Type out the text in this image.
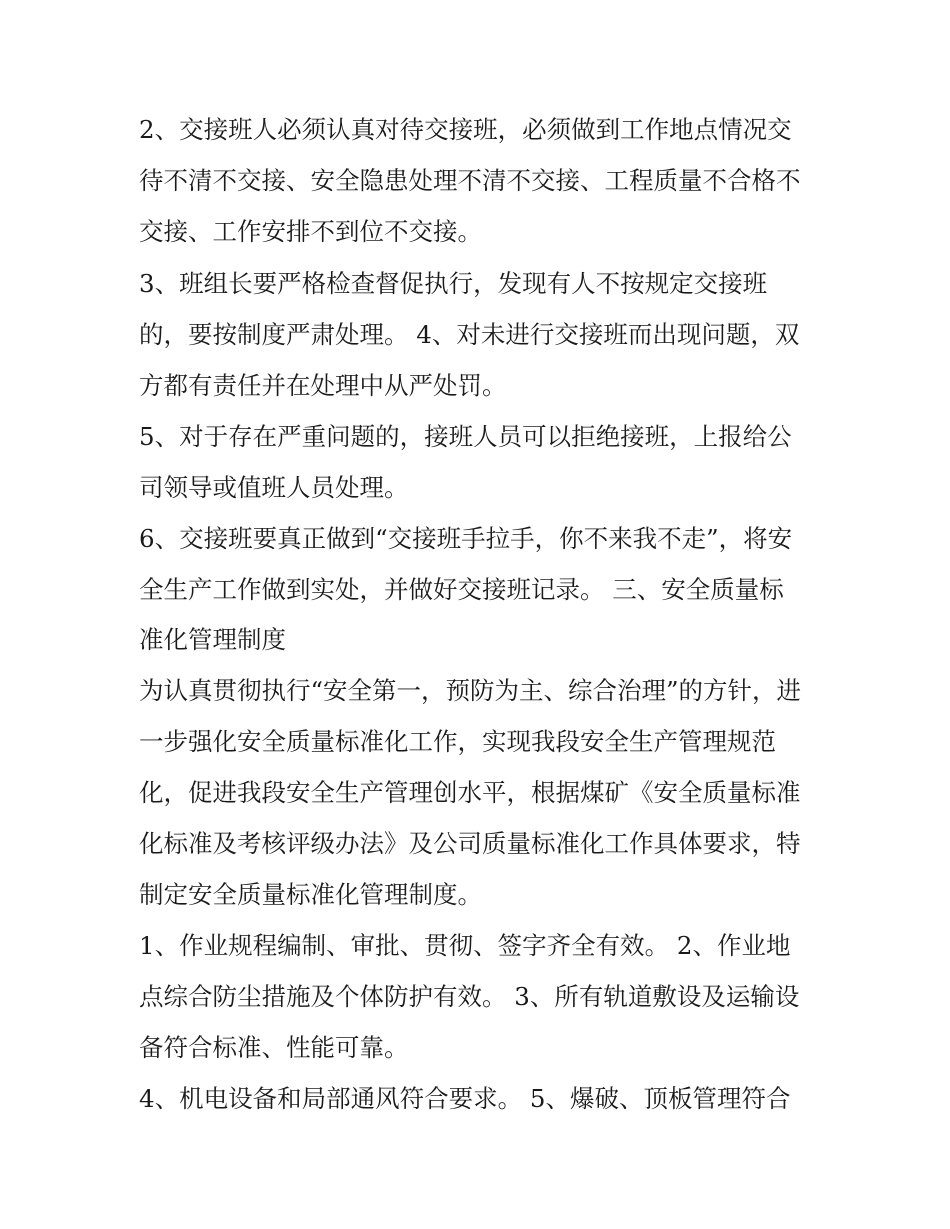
2、交接班人必须认真对待交接班，必须做到工作地点情况交
待不清不交接、安全隐患处理不清不交接、工程质量不合格不
交接、工作安排不到位不交接。
3、班组长要严格检查督促执行，发现有人不按规定交接班
的，要按制度严肃处理。 4、对未进行交接班而出现问题，双
方都有责任并在处理中从严处罚。
5、对于存在严重问题的，接班人员可以拒绝接班，上报给公
司领导或值班人员处理。
6、交接班要真正做到“交接班手拉手，你不来我不走”，将安
全生产工作做到实处，并做好交接班记录。 三、安全质量标
准化管理制度
为认真贯彻执行“安全第一，预防为主、综合治理”的方针，进
一步强化安全质量标准化工作，实现我段安全生产管理规范
化，促进我段安全生产管理创水平，根据煤矿《安全质量标准
化标准及考核评级办法》及公司质量标准化工作具体要求，特
制定安全质量标准化管理制度。
1、作业规程编制、审批、贯彻、签字齐全有效。 2、作业地
点综合防尘措施及个体防护有效。 3、所有轨道敷设及运输设
备符合标准、性能可靠。
4、机电设备和局部通风符合要求。 5、爆破、顶板管理符合
